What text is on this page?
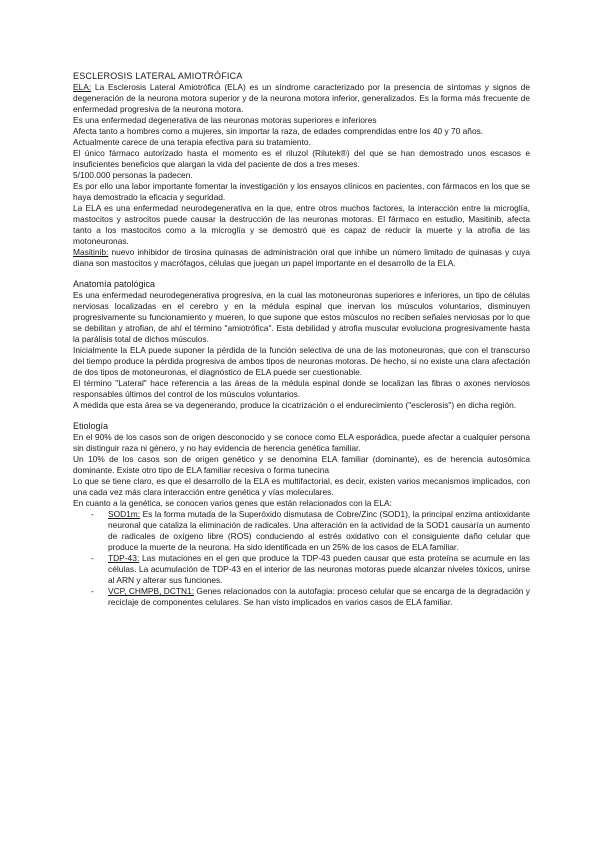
ESCLEROSIS LATERAL AMIOTRÓFICA

ELA: La Esclerosis Lateral Amiotrófica (ELA) es un síndrome caracterizado por la presencia de síntomas y signos de degeneración de la neurona motora superior y de la neurona motora inferior, generalizados. Es la forma más frecuente de enfermedad progresiva de la neurona motora.

Es una enfermedad degenerativa de las neuronas motoras superiores e inferiores

Afecta tanto a hombres como a mujeres, sin importar la raza, de edades comprendidas entre los 40 y 70 años.

Actualmente carece de una terapia efectiva para su tratamiento.

El único fármaco autorizado hasta el momento es el riluzol (Rilutek®) del que se han demostrado unos escasos e insuficientes beneficios que alargan la vida del paciente de dos a tres meses.

5/100.000 personas la padecen.

Es por ello una labor importante fomentar la investigación y los ensayos clínicos en pacientes, con fármacos en los que se haya demostrado la eficacia y seguridad.

La ELA es una enfermedad neurodegenerativa en la que, entre otros muchos factores, la interacción entre la microglía, mastocitos y astrocitos puede causar la destrucción de las neuronas motoras. El fármaco en estudio, Masitinib, afecta tanto a los mastocitos como a la microglía y se demostró que es capaz de reducir la muerte y la atrofia de las motoneuronas.

Masitinib: nuevo inhibidor de tirosina quinasas de administración oral que inhibe un número limitado de quinasas y cuya diana son mastocitos y macrófagos, células que juegan un papel importante en el desarrollo de la ELA.

Anatomía patológica

Es una enfermedad neurodegenerativa progresiva, en la cual las motoneuronas superiores e inferiores, un tipo de células nerviosas localizadas en el cerebro y en la médula espinal que inervan los músculos voluntarios, disminuyen progresivamente su funcionamiento y mueren, lo que supone que estos músculos no reciben señales nerviosas por lo que se debilitan y atrofian, de ahí el término "amiotrófica". Esta debilidad y atrofia muscular evoluciona progresivamente hasta la parálisis total de dichos músculos.

Inicialmente la ELA puede suponer la pérdida de la función selectiva de una de las motoneuronas, que con el transcurso del tiempo produce la pérdida progresiva de ambos tipos de neuronas motoras. De hecho, si no existe una clara afectación de dos tipos de motoneuronas, el diagnóstico de ELA puede ser cuestionable.

El término "Lateral" hace referencia a las áreas de la médula espinal donde se localizan las fibras o axones nerviosos responsables últimos del control de los músculos voluntarios.

A medida que esta área se va degenerando, produce la cicatrización o el endurecimiento ("esclerosis") en dicha región.

Etiología

En el 90% de los casos son de origen desconocido y se conoce como ELA esporádica, puede afectar a cualquier persona sin distinguir raza ni género, y no hay evidencia de herencia genética familiar.

Un 10% de los casos son de origen genético y se denomina ELA familiar (dominante), es de herencia autosómica dominante. Existe otro tipo de ELA familiar recesiva o forma tunecina

Lo que se tiene claro, es que el desarrollo de la ELA es multifactorial, es decir, existen varios mecanismos implicados, con una cada vez más clara interacción entre genética y vías moleculares.

En cuanto a la genética, se conocen varios genes que están relacionados con la ELA:

- SOD1m: Es la forma mutada de la Superóxido dismutasa de Cobre/Zinc (SOD1), la principal enzima antioxidante neuronal que cataliza la eliminación de radicales. Una alteración en la actividad de la SOD1 causaría un aumento de radicales de oxígeno libre (ROS) conduciendo al estrés oxidativo con el consiguiente daño celular que produce la muerte de la neurona. Ha sido identificada en un 25% de los casos de ELA familiar.
- TDP-43: Las mutaciones en el gen que produce la TDP-43 pueden causar que esta proteína se acumule en las células. La acumulación de TDP-43 en el interior de las neuronas motoras puede alcanzar niveles tóxicos, unirse al ARN y alterar sus funciones.
- VCP, CHMPB, DCTN1: Genes relacionados con la autofagia: proceso celular que se encarga de la degradación y reciclaje de componentes celulares. Se han visto implicados en varios casos de ELA familiar.
